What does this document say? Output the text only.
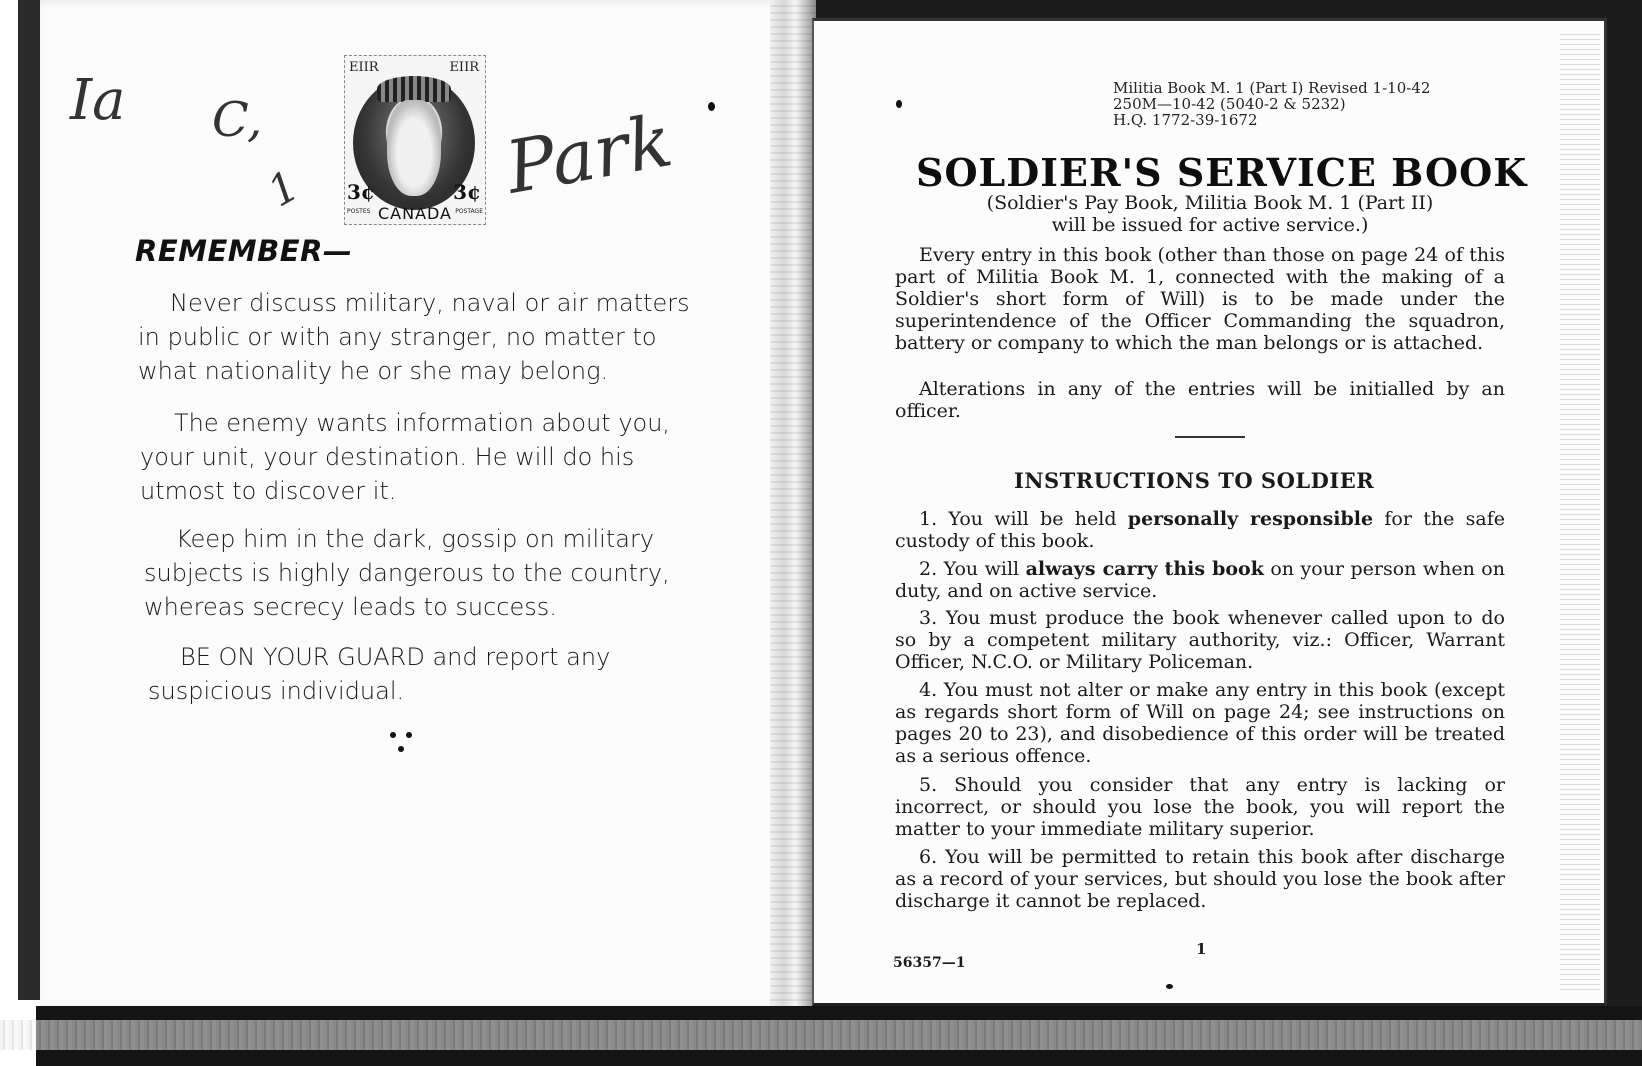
Ia C,
1	Park
EIIR	EIIR
3¢	3¢
POSTES CANADA POSTAGE
REMEMBER—
Never discuss military, naval or air matters
in public or with any stranger, no matter to
what nationality he or she may belong.
The enemy wants information about you,
your unit, your destination. He will do his
utmost to discover it.
Keep him in the dark, gossip on military
subjects is highly dangerous to the country,
whereas secrecy leads to success.
BE ON YOUR GUARD and report any
suspicious individual.
Militia Book M. 1 (Part I) Revised 1-10-42
250M—10-42 (5040-2 & 5232)
H.Q. 1772-39-1672
SOLDIER'S SERVICE BOOK
(Soldier's Pay Book, Militia Book M. 1 (Part II)
will be issued for active service.)
Every entry in this book (other than those on page 24 of this part of Militia Book M. 1, connected with the making of a Soldier's short form of Will) is to be made under the superintendence of the Officer Commanding the squadron, battery or company to which the man belongs or is attached.
Alterations in any of the entries will be initialled by an officer.
INSTRUCTIONS TO SOLDIER
1. You will be held personally responsible for the safe custody of this book.
2. You will always carry this book on your person when on duty, and on active service.
3. You must produce the book whenever called upon to do so by a competent military authority, viz.: Officer, Warrant Officer, N.C.O. or Military Policeman.
4. You must not alter or make any entry in this book (except as regards short form of Will on page 24; see instructions on pages 20 to 23), and disobedience of this order will be treated as a serious offence.
5. Should you consider that any entry is lacking or incorrect, or should you lose the book, you will report the matter to your immediate military superior.
6. You will be permitted to retain this book after discharge as a record of your services, but should you lose the book after discharge it cannot be replaced.
1
56357—1
